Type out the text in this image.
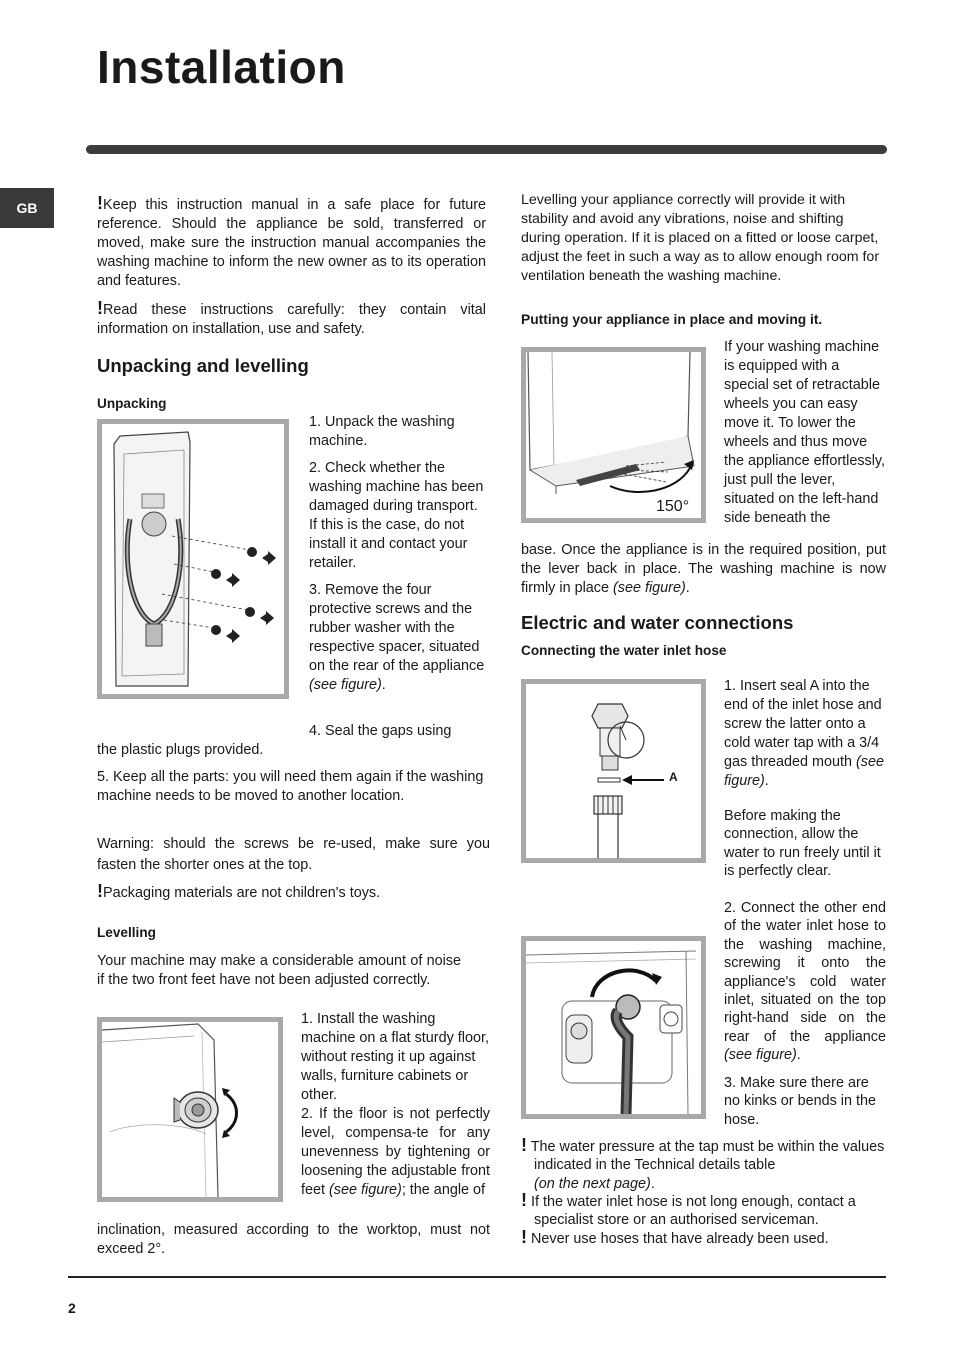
Installation
GB	!Keep this instruction manual in a safe place for future reference. Should the appliance be sold, transferred or moved, make sure the instruction manual accompanies the washing machine to inform the new owner as to its operation and features.

!Read these instructions carefully: they contain vital information on installation, use and safety.

Unpacking and levelling
Unpacking

1. Unpack the washing machine.

2. Check whether the washing machine has been damaged during transport. If this is the case, do not install it and contact your retailer.

3. Remove the four protective screws and the rubber washer with the respective spacer, situated on the rear of the appliance (see figure).

4. Seal the gaps using

the plastic plugs provided.

5. Keep all the parts: you will need them again if the washing machine needs to be moved to another location.

Warning: should the screws be re-used, make sure you fasten the shorter ones at the top.

!Packaging materials are not children's toys.

Levelling

Your machine may make a considerable amount of noise if the two front feet have not been adjusted correctly.

1. Install the washing machine on a flat sturdy floor, without resting it up against walls, furniture cabinets or other.

2. If the floor is not perfectly level, compensa-te for any unevenness by tightening or loosening the adjustable front feet (see figure); the angle of

inclination, measured according to the worktop, must not exceed 2°.

Levelling your appliance correctly will provide it with stability and avoid any vibrations, noise and shifting during operation. If it is placed on a fitted or loose carpet, adjust the feet in such a way as to allow enough room for ventilation beneath the washing machine.

Putting your appliance in place and moving it.
150°

If your washing machine is equipped with a special set of retractable wheels you can easy move it. To lower the wheels and thus move the appliance effortlessly, just pull the lever, situated on the left-hand side beneath the

base. Once the appliance is in the required position, put the lever back in place. The washing machine is now firmly in place (see figure).

Electric and water connections
Connecting the water inlet hose
A

1. Insert seal A into the end of the inlet hose and screw the latter onto a cold water tap with a 3/4 gas threaded mouth (see figure).

Before making the connection, allow the water to run freely until it is perfectly clear.

2. Connect the other end of the water inlet hose to the washing machine, screwing it onto the appliance's cold water inlet, situated on the top right-hand side on the rear of the appliance (see figure).

3. Make sure there are no kinks or bends in the hose.

! The water pressure at the tap must be within the values indicated in the Technical details table
(on the next page).

! If the water inlet hose is not long enough, contact a specialist store or an authorised serviceman.

! Never use hoses that have already been used.

2
